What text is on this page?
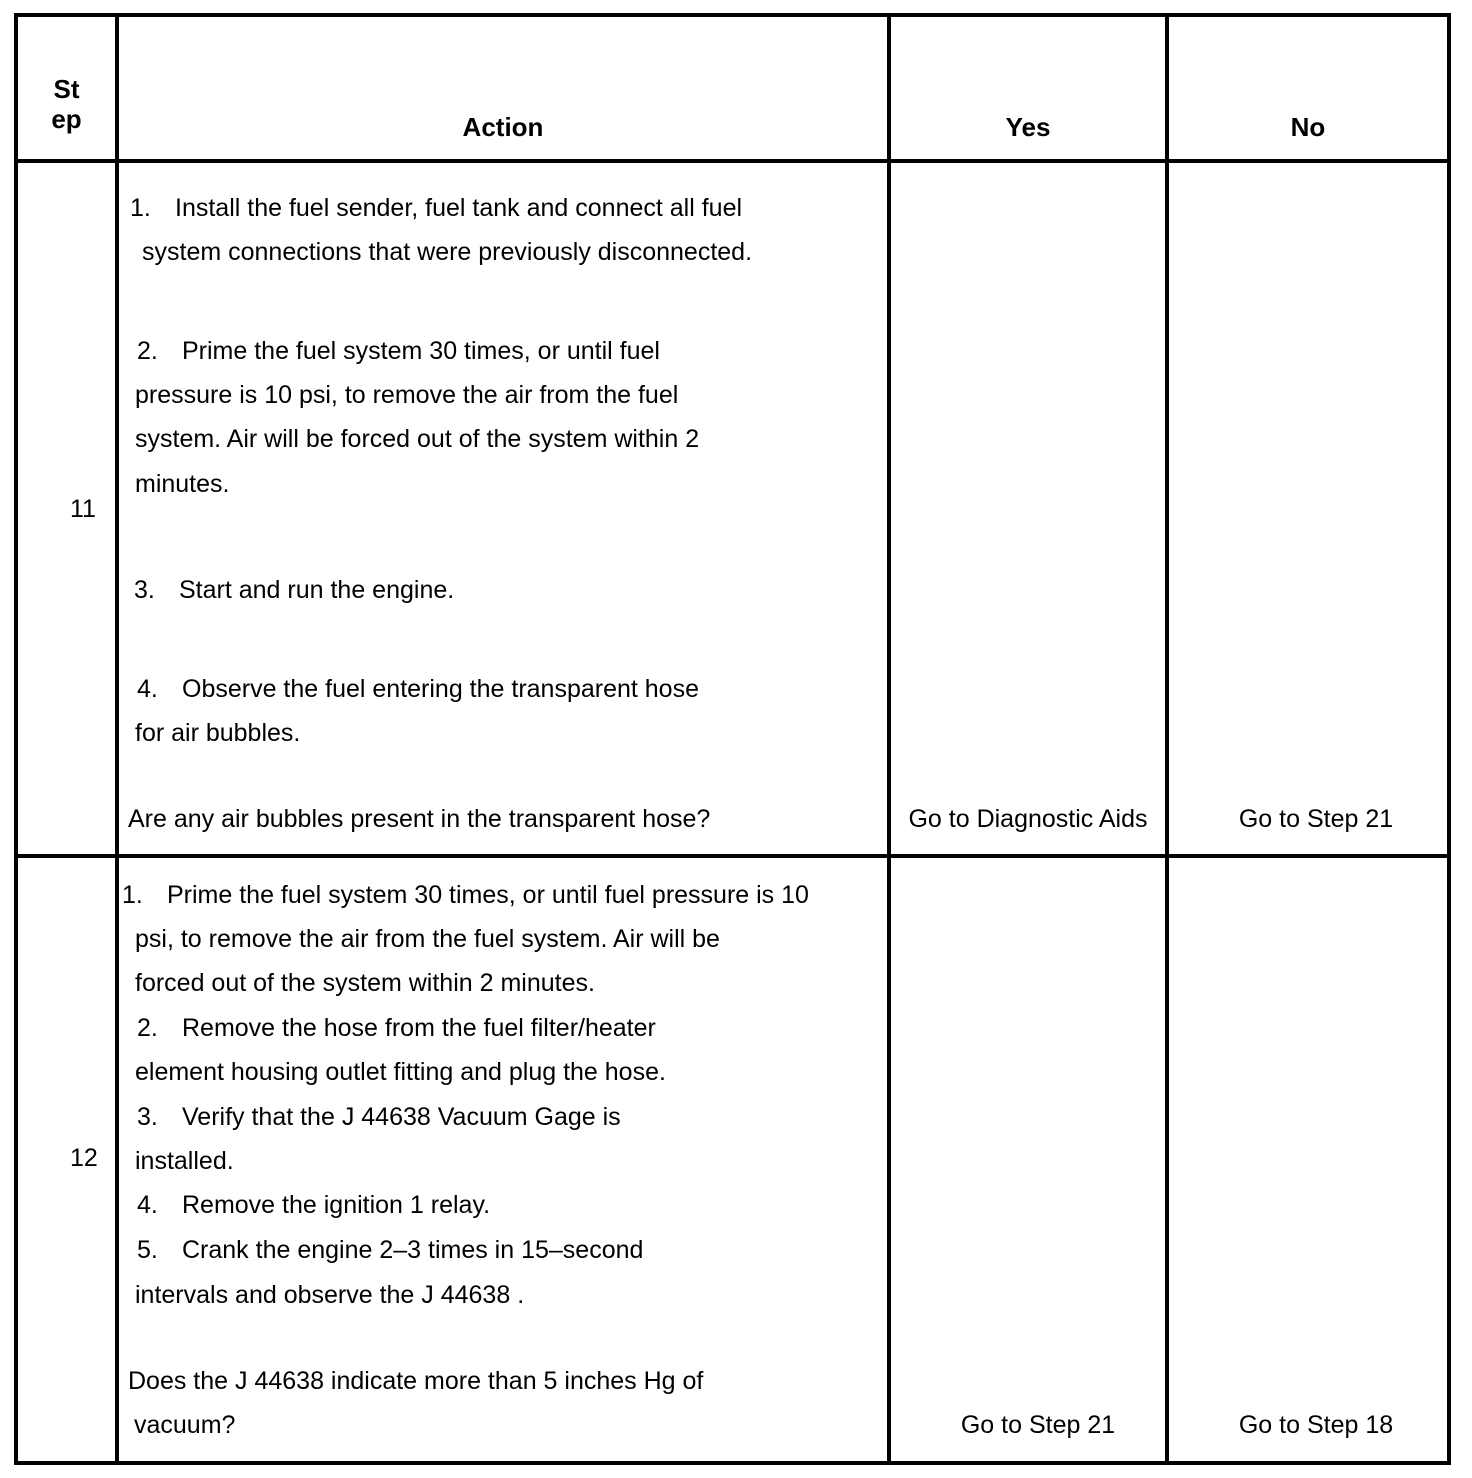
St
ep	Action	Yes	No
11
1. Install the fuel sender, fuel tank and connect all fuel
system connections that were previously disconnected.
2. Prime the fuel system 30 times, or until fuel
pressure is 10 psi, to remove the air from the fuel
system. Air will be forced out of the system within 2
minutes.
3. Start and run the engine.
4. Observe the fuel entering the transparent hose
for air bubbles.
Are any air bubbles present in the transparent hose?	Go to Diagnostic Aids	Go to Step 21
12
1. Prime the fuel system 30 times, or until fuel pressure is 10
psi, to remove the air from the fuel system. Air will be
forced out of the system within 2 minutes.
2. Remove the hose from the fuel filter/heater
element housing outlet fitting and plug the hose.
3. Verify that the J 44638 Vacuum Gage is
installed.
4. Remove the ignition 1 relay.
5. Crank the engine 2–3 times in 15–second
intervals and observe the J 44638 .
Does the J 44638 indicate more than 5 inches Hg of
vacuum?	Go to Step 21	Go to Step 18
